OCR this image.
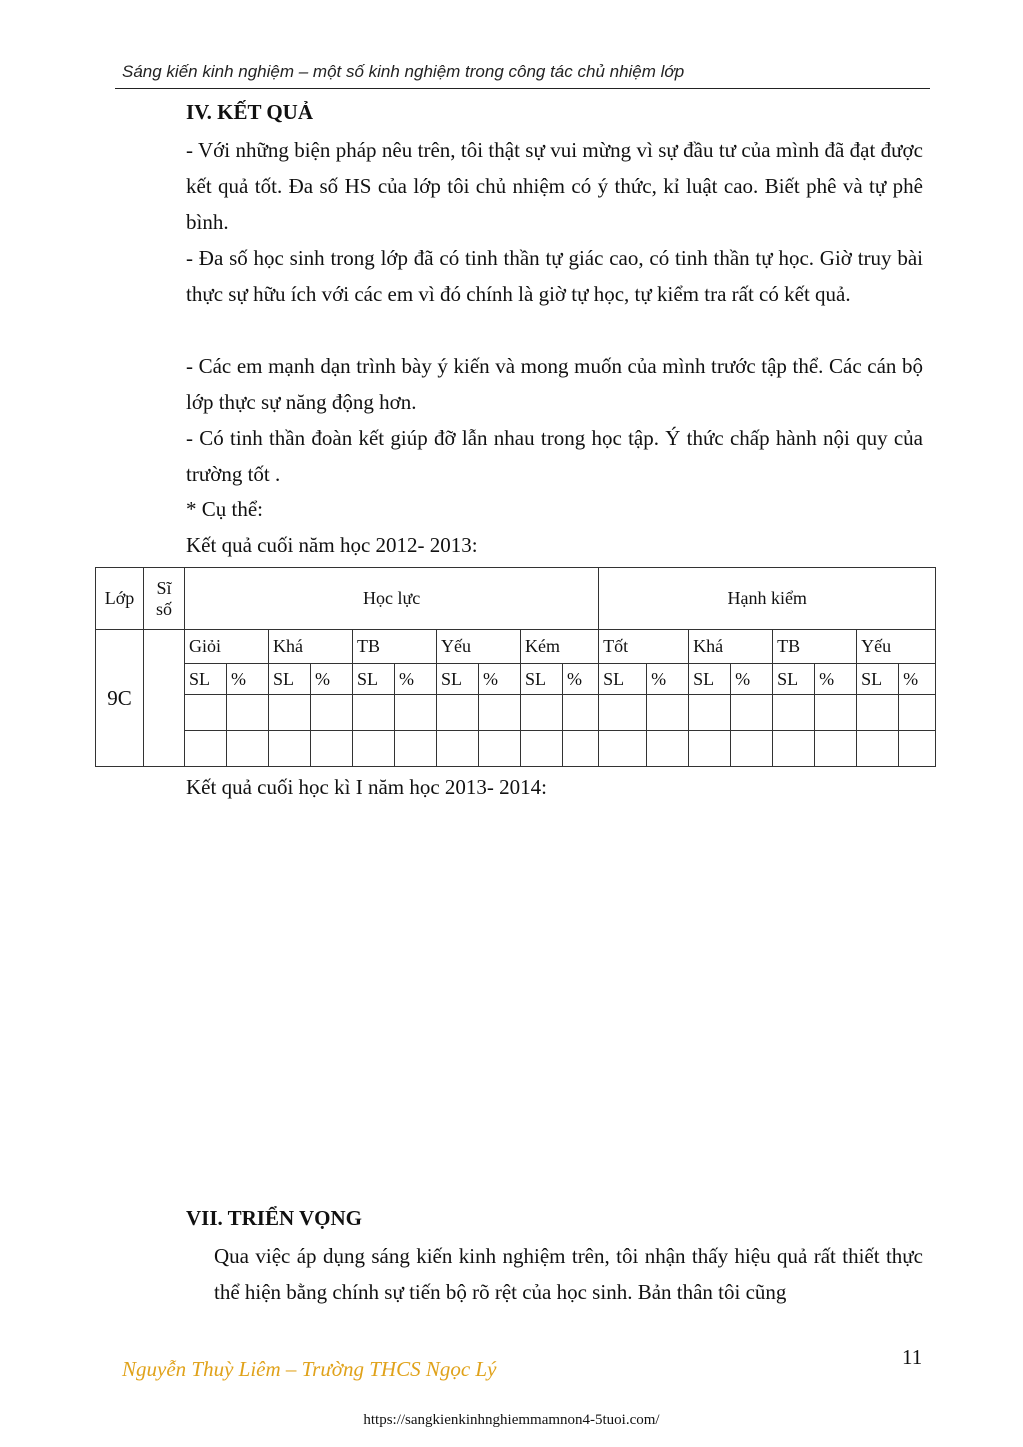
Sáng kiến kinh nghiệm – một số kinh nghiệm trong công tác chủ nhiệm lớp
IV. KẾT QUẢ
- Với những biện pháp nêu trên, tôi thật sự vui mừng vì sự đầu tư của mình đã đạt được kết quả tốt. Đa số HS của lớp tôi chủ nhiệm có ý thức, kỉ luật cao. Biết phê và tự phê bình.
- Đa số học sinh trong lớp đã có tinh thần tự giác cao, có tinh thần tự học. Giờ truy bài thực sự hữu ích với các em vì đó chính là giờ tự học, tự kiểm tra rất có kết quả.
- Các em mạnh dạn trình bày ý kiến và mong muốn của mình trước tập thể. Các cán bộ lớp thực sự năng động hơn.
- Có tinh thần đoàn kết giúp đỡ lẫn nhau trong học tập. Ý thức chấp hành nội quy của trường tốt .
* Cụ thể:
Kết quả cuối năm học 2012- 2013:
Lớp	Sĩ số	Học lực										Hạnh kiểm							
9C		Giỏi		Khá		TB		Yếu		Kém		Tốt		Khá		TB		Yếu	
		SL	%	SL	%	SL	%	SL	%	SL	%	SL	%	SL	%	SL	%	SL	%

Kết quả cuối học kì I năm học 2013- 2014:
VII. TRIỂN VỌNG
Qua việc áp dụng sáng kiến kinh nghiệm trên, tôi nhận thấy hiệu quả rất thiết thực thể hiện bằng chính sự tiến bộ rõ rệt của học sinh. Bản thân tôi cũng
11
Nguyễn Thuỳ Liêm – Trường THCS Ngọc Lý
https://sangkienkinhnghiemmamnon4-5tuoi.com/
